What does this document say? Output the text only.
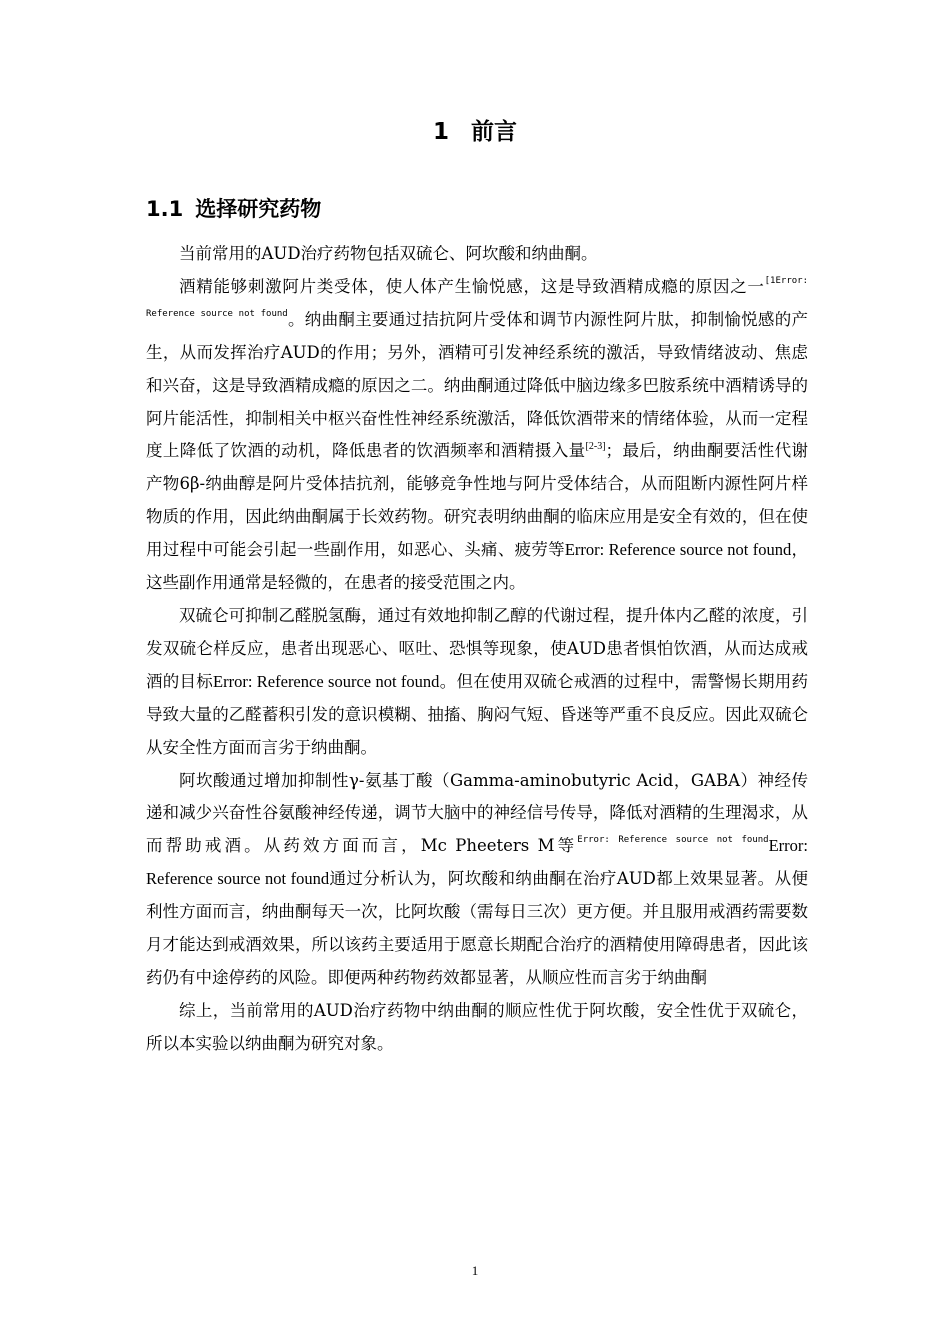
1 前言
1.1 选择研究药物

当前常用的AUD治疗药物包括双硫仑、阿坎酸和纳曲酮。

酒精能够刺激阿片类受体，使人体产生愉悦感，这是导致酒精成瘾的原因之一$^{[1Error: Reference source not found}$。纳曲酮主要通过拮抗阿片受体和调节内源性阿片肽，抑制愉悦感的产生，从而发挥治疗AUD的作用；另外，酒精可引发神经系统的激活，导致情绪波动、焦虑和兴奋，这是导致酒精成瘾的原因之二。纳曲酮通过降低中脑边缘多巴胺系统中酒精诱导的阿片能活性，抑制相关中枢兴奋性性神经系统激活，降低饮酒带来的情绪体验，从而一定程度上降低了饮酒的动机，降低患者的饮酒频率和酒精摄入量[2-3]；最后，纳曲酮要活性代谢产物6β-纳曲醇是阿片受体拮抗剂，能够竞争性地与阿片受体结合，从而阻断内源性阿片样物质的作用，因此纳曲酮属于长效药物。研究表明纳曲酮的临床应用是安全有效的，但在使用过程中可能会引起一些副作用，如恶心、头痛、疲劳等Error: Reference source not found，这些副作用通常是轻微的，在患者的接受范围之内。

双硫仑可抑制乙醛脱氢酶，通过有效地抑制乙醇的代谢过程，提升体内乙醛的浓度，引发双硫仑样反应，患者出现恶心、呕吐、恐惧等现象，使AUD患者惧怕饮酒，从而达成戒酒的目标Error: Reference source not found。但在使用双硫仑戒酒的过程中，需警惕长期用药导致大量的乙醛蓄积引发的意识模糊、抽搐、胸闷气短、昏迷等严重不良反应。因此双硫仑从安全性方面而言劣于纳曲酮。

阿坎酸通过增加抑制性γ-氨基丁酸（Gamma-aminobutyric Acid，GABA）神经传递和减少兴奋性谷氨酸神经传递，调节大脑中的神经信号传导，降低对酒精的生理渴求，从而帮助戒酒。从药效方面而言，Mc Pheeters M等$^{Error: Reference source not found}$Error: Reference source not found通过分析认为，阿坎酸和纳曲酮在治疗AUD都上效果显著。从便利性方面而言，纳曲酮每天一次，比阿坎酸（需每日三次）更方便。并且服用戒酒药需要数月才能达到戒酒效果，所以该药主要适用于愿意长期配合治疗的酒精使用障碍患者，因此该药仍有中途停药的风险。即便两种药物药效都显著，从顺应性而言劣于纳曲酮

综上，当前常用的AUD治疗药物中纳曲酮的顺应性优于阿坎酸，安全性优于双硫仑，所以本实验以纳曲酮为研究对象。

1
